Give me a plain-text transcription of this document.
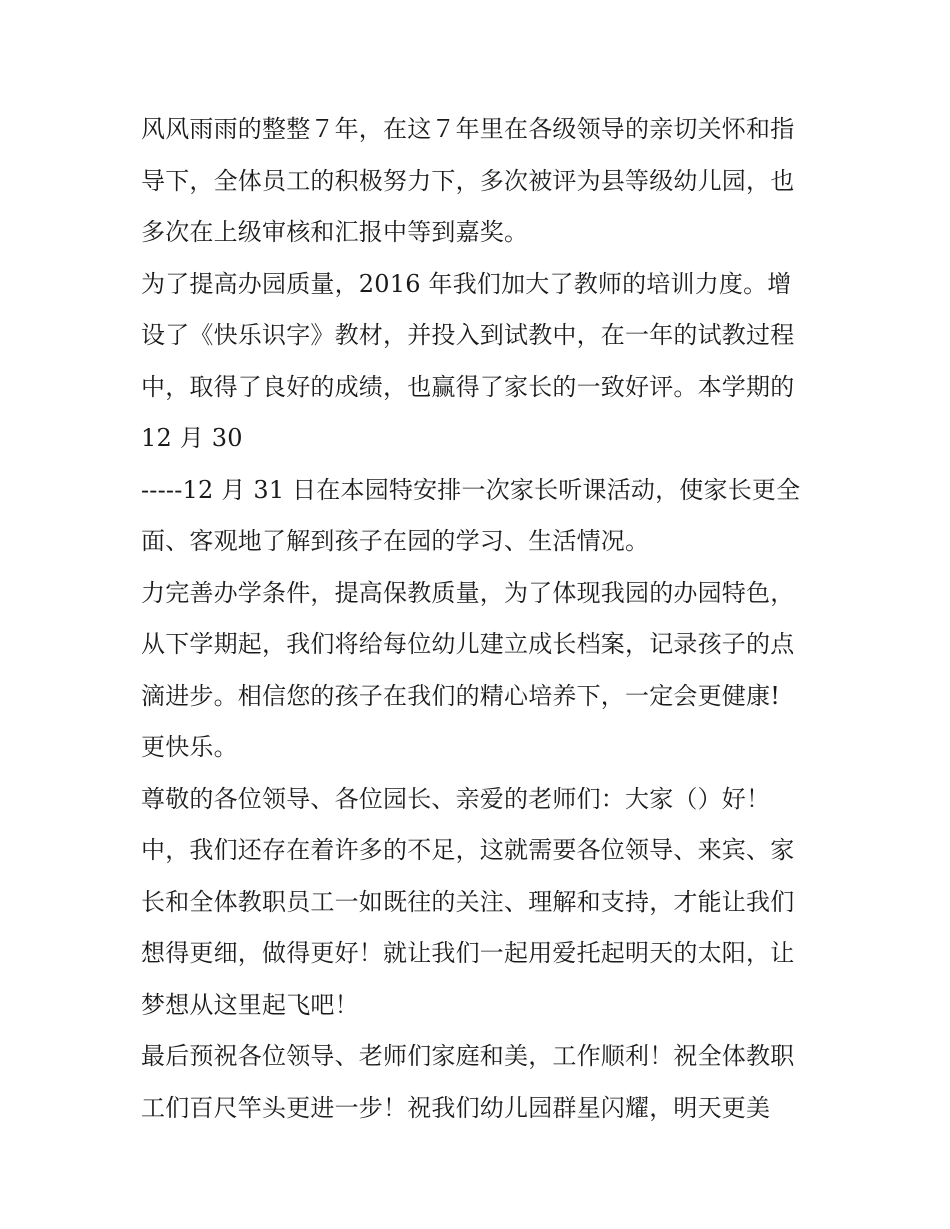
风风雨雨的整整７年，在这７年里在各级领导的亲切关怀和指
导下，全体员工的积极努力下，多次被评为县等级幼儿园，也
多次在上级审核和汇报中等到嘉奖。
为了提高办园质量，2016 年我们加大了教师的培训力度。增
设了《快乐识字》教材，并投入到试教中，在一年的试教过程
中，取得了良好的成绩，也赢得了家长的一致好评。本学期的
12 月 30
-----12 月 31 日在本园特安排一次家长听课活动，使家长更全
面、客观地了解到孩子在园的学习、生活情况。
力完善办学条件，提高保教质量，为了体现我园的办园特色，
从下学期起，我们将给每位幼儿建立成长档案，记录孩子的点
滴进步。相信您的孩子在我们的精心培养下，一定会更健康!
更快乐。
尊敬的各位领导、各位园长、亲爱的老师们：大家（）好！
中，我们还存在着许多的不足，这就需要各位领导、来宾、家
长和全体教职员工一如既往的关注、理解和支持，才能让我们
想得更细，做得更好！就让我们一起用爱托起明天的太阳，让
梦想从这里起飞吧！
最后预祝各位领导、老师们家庭和美，工作顺利！祝全体教职
工们百尺竿头更进一步！祝我们幼儿园群星闪耀，明天更美
